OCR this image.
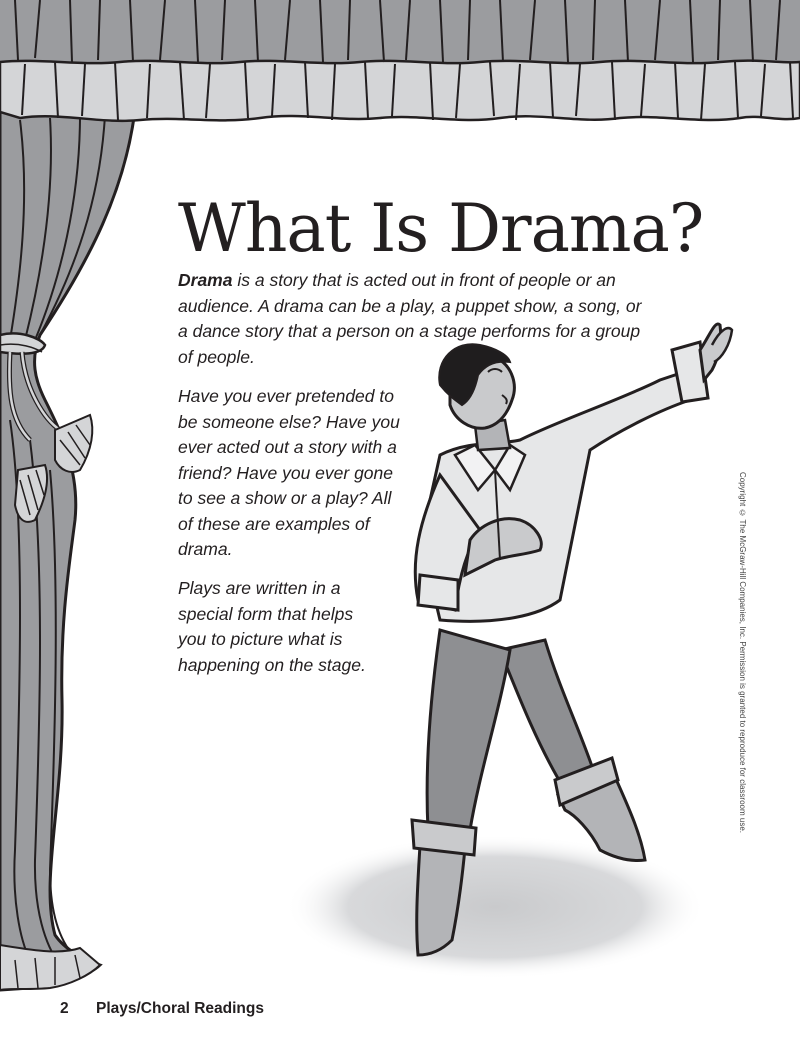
What Is Drama?

Drama is a story that is acted out in front of people or an audience. A drama can be a play, a puppet show, a song, or a dance story that a person on a stage performs for a group of people.

Have you ever pretended to be someone else? Have you ever acted out a story with a friend? Have you ever gone to see a show or a play? All of these are examples of drama.

Plays are written in a special form that helps you to picture what is happening on the stage.	Copyright © The McGraw-Hill Companies, Inc. Permission is granted to reproduce for classroom use.
2 Plays/Choral Readings
